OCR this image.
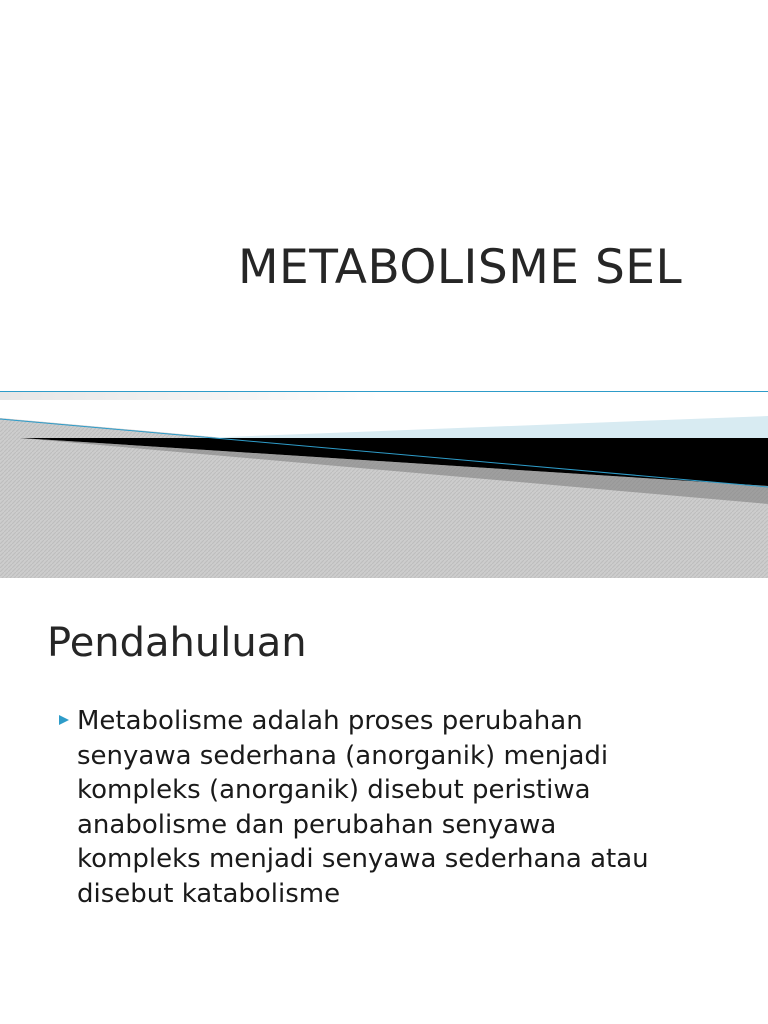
METABOLISME SEL
Pendahuluan

Metabolisme adalah proses perubahan
senyawa sederhana (anorganik) menjadi
kompleks (anorganik) disebut peristiwa
anabolisme dan perubahan senyawa
kompleks menjadi senyawa sederhana atau
disebut katabolisme
